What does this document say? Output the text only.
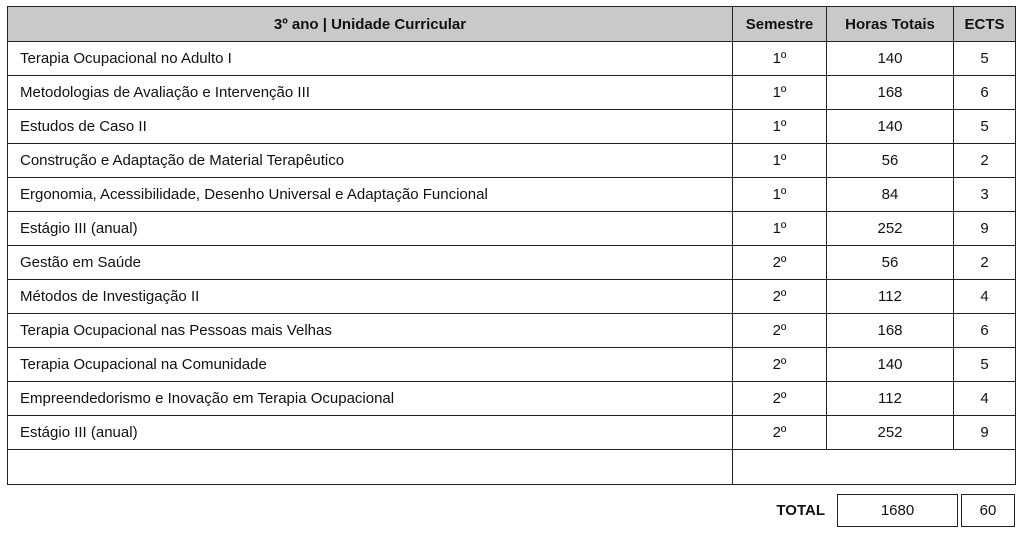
3º ano | Unidade Curricular	Semestre	Horas Totais	ECTS
Terapia Ocupacional no Adulto I	1º	140	5
Metodologias de Avaliação e Intervenção III	1º	168	6
Estudos de Caso II	1º	140	5
Construção e Adaptação de Material Terapêutico	1º	56	2
Ergonomia, Acessibilidade, Desenho Universal e Adaptação Funcional	1º	84	3
Estágio III (anual)	1º	252	9
Gestão em Saúde	2º	56	2
Métodos de Investigação II	2º	112	4
Terapia Ocupacional nas Pessoas mais Velhas	2º	168	6
Terapia Ocupacional na Comunidade	2º	140	5
Empreendedorismo e Inovação em Terapia Ocupacional	2º	112	4
Estágio III (anual)	2º	252	9

TOTAL	1680	60
